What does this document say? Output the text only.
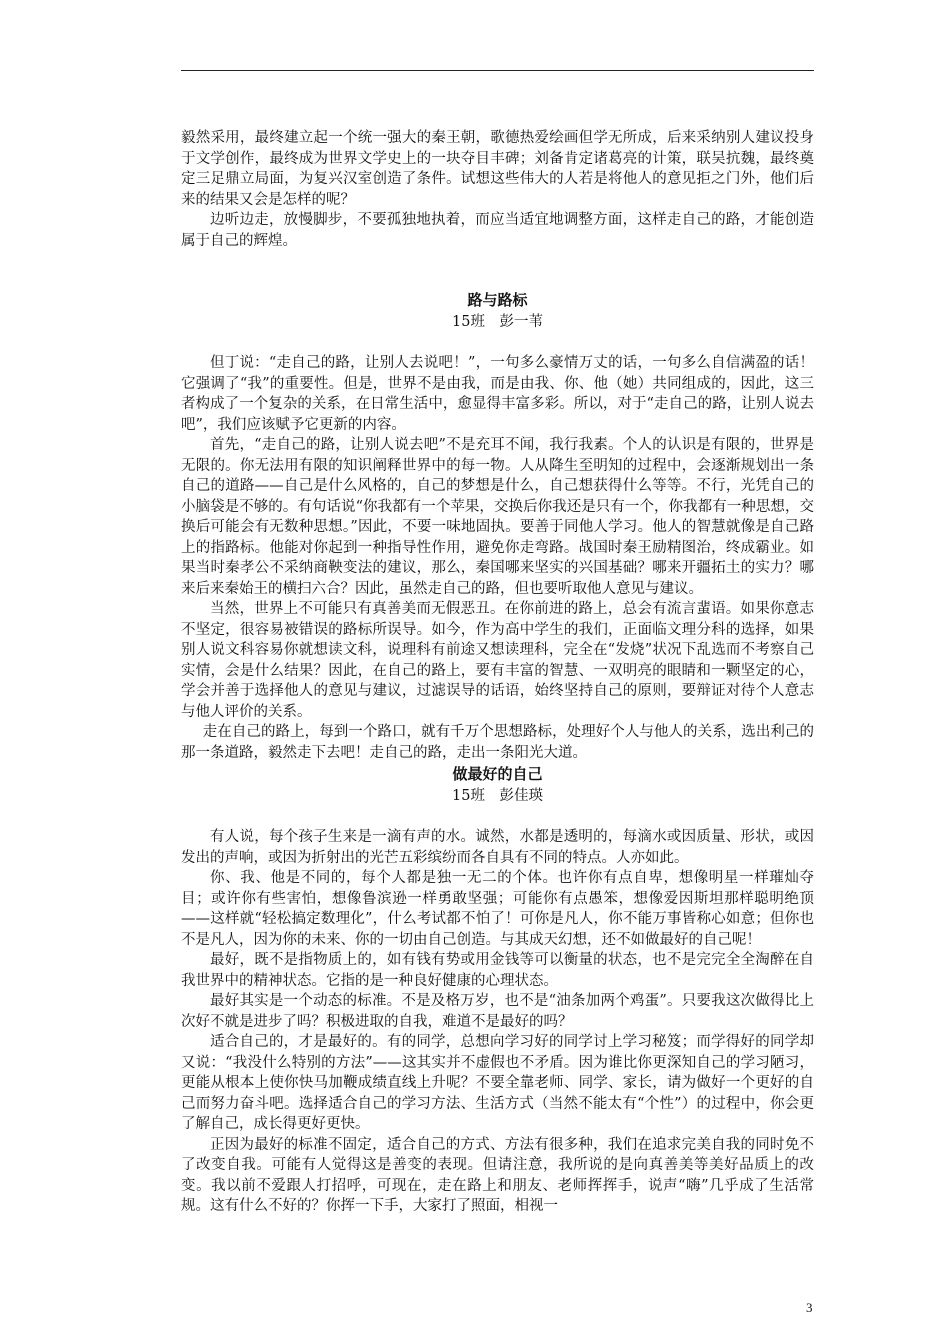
毅然采用，最终建立起一个统一强大的秦王朝，歌德热爱绘画但学无所成，后来采纳别人建议投身于文学创作，最终成为世界文学史上的一块夺目丰碑；刘备肯定诸葛亮的计策，联吴抗魏，最终奠定三足鼎立局面，为复兴汉室创造了条件。试想这些伟大的人若是将他人的意见拒之门外，他们后来的结果又会是怎样的呢？

边听边走，放慢脚步，不要孤独地执着，而应当适宜地调整方面，这样走自己的路，才能创造属于自己的辉煌。

路与路标
15班　彭一苇

但丁说：“走自己的路，让别人去说吧！”，一句多么豪情万丈的话，一句多么自信满盈的话！它强调了“我”的重要性。但是，世界不是由我，而是由我、你、他（她）共同组成的，因此，这三者构成了一个复杂的关系，在日常生活中，愈显得丰富多彩。所以，对于“走自己的路，让别人说去吧”，我们应该赋予它更新的内容。

首先，“走自己的路，让别人说去吧”不是充耳不闻，我行我素。个人的认识是有限的，世界是无限的。你无法用有限的知识阐释世界中的每一物。人从降生至明知的过程中，会逐渐规划出一条自己的道路——自己是什么风格的，自己的梦想是什么，自己想获得什么等等。不行，光凭自己的小脑袋是不够的。有句话说“你我都有一个苹果，交换后你我还是只有一个，你我都有一种思想，交换后可能会有无数种思想。”因此，不要一味地固执。要善于同他人学习。他人的智慧就像是自己路上的指路标。他能对你起到一种指导性作用，避免你走弯路。战国时秦王励精图治，终成霸业。如果当时秦孝公不采纳商鞅变法的建议，那么，秦国哪来坚实的兴国基础？哪来开疆拓土的实力？哪来后来秦始王的横扫六合？因此，虽然走自己的路，但也要听取他人意见与建议。

当然，世界上不可能只有真善美而无假恶丑。在你前进的路上，总会有流言蜚语。如果你意志不坚定，很容易被错误的路标所误导。如今，作为高中学生的我们，正面临文理分科的选择，如果别人说文科容易你就想读文科，说理科有前途又想读理科，完全在“发烧”状况下乱选而不考察自己实情，会是什么结果？因此，在自己的路上，要有丰富的智慧、一双明亮的眼睛和一颗坚定的心，学会并善于选择他人的意见与建议，过滤误导的话语，始终坚持自己的原则，要辩证对待个人意志与他人评价的关系。

走在自己的路上，每到一个路口，就有千万个思想路标，处理好个人与他人的关系，选出利己的那一条道路，毅然走下去吧！走自己的路，走出一条阳光大道。

做最好的自己
15班　彭佳瑛

有人说，每个孩子生来是一滴有声的水。诚然，水都是透明的，每滴水或因质量、形状，或因发出的声响，或因为折射出的光芒五彩缤纷而各自具有不同的特点。人亦如此。

你、我、他是不同的，每个人都是独一无二的个体。也许你有点自卑，想像明星一样璀灿夺目；或许你有些害怕，想像鲁滨逊一样勇敢坚强；可能你有点愚笨，想像爱因斯坦那样聪明绝顶——这样就“轻松搞定数理化”，什么考试都不怕了！可你是凡人，你不能万事皆称心如意；但你也不是凡人，因为你的未来、你的一切由自己创造。与其成天幻想，还不如做最好的自己呢！

最好，既不是指物质上的，如有钱有势或用金钱等可以衡量的状态，也不是完完全全淘醉在自我世界中的精神状态。它指的是一种良好健康的心理状态。

最好其实是一个动态的标准。不是及格万岁，也不是“油条加两个鸡蛋”。只要我这次做得比上次好不就是进步了吗？积极进取的自我，难道不是最好的吗？

适合自己的，才是最好的。有的同学，总想向学习好的同学讨上学习秘笈；而学得好的同学却又说：“我没什么特别的方法”——这其实并不虚假也不矛盾。因为谁比你更深知自己的学习陋习，更能从根本上使你快马加鞭成绩直线上升呢？不要全靠老师、同学、家长，请为做好一个更好的自己而努力奋斗吧。选择适合自己的学习方法、生活方式（当然不能太有“个性”）的过程中，你会更了解自己，成长得更好更快。

正因为最好的标准不固定，适合自己的方式、方法有很多种，我们在追求完美自我的同时免不了改变自我。可能有人觉得这是善变的表现。但请注意，我所说的是向真善美等美好品质上的改变。我以前不爱跟人打招呼，可现在，走在路上和朋友、老师挥挥手，说声“嗨”几乎成了生活常规。这有什么不好的？你挥一下手，大家打了照面，相视一

3
